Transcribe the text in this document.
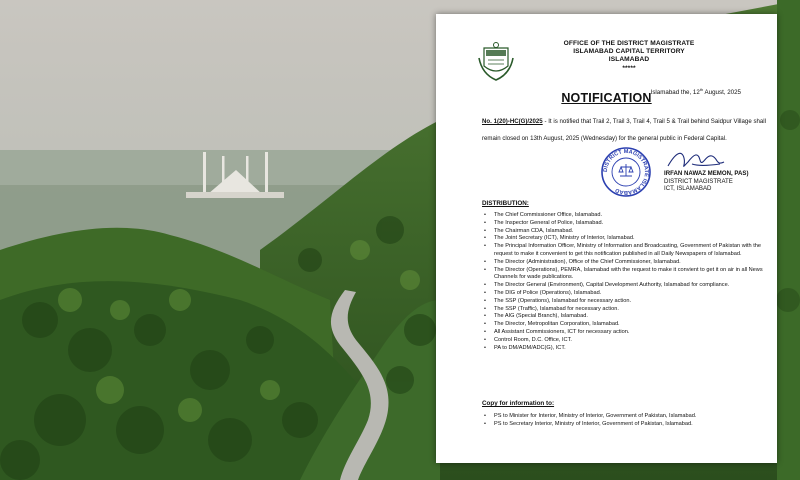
OFFICE OF THE DISTRICT MAGISTRATE
ISLAMABAD CAPITAL TERRITORY
ISLAMABAD
*****
Islamabad the, 12th August, 2025
NOTIFICATION
No. 1(20)-HC(G)/2025 - It is notified that Trail 2, Trail 3, Trail 4, Trail 5 & Trail behind Saidpur Village shall remain closed on 13th August, 2025 (Wednesday) for the general public in Federal Capital.
DISTRICT MAGISTRATE ISLAMABAD
IRFAN NAWAZ MEMON, PAS)
DISTRICT MAGISTRATE
ICT, ISLAMABAD
DISTRIBUTION:
• The Chief Commissioner Office, Islamabad.
• The Inspector General of Police, Islamabad.
• The Chairman CDA, Islamabad.
• The Joint Secretary (ICT), Ministry of Interior, Islamabad.
• The Principal Information Officer, Ministry of Information and Broadcasting, Government of Pakistan with the request to make it convenient to get this notification published in all Daily Newspapers of Islamabad.
• The Director (Administration), Office of the Chief Commissioner, Islamabad.
• The Director (Operations), PEMRA, Islamabad with the request to make it convient to get it on air in all News Channels for wade publications.
• The Director General (Environment), Capital Development Authority, Islamabad for compliance.
• The DIG of Police (Operations), Islamabad.
• The SSP (Operations), Islamabad for necessary action.
• The SSP (Traffic), Islamabad for necessary action.
• The AIG (Special Branch), Islamabad.
• The Director, Metropolitan Corporation, Islamabad.
• All Assistant Commissioners, ICT for necessary action.
• Control Room, D.C. Office, ICT.
• PA to DM/ADM/ADC(G), ICT.
Copy for information to:
• PS to Minister for Interior, Ministry of Interior, Government of Pakistan, Islamabad.
• PS to Secretary Interior, Ministry of Interior, Government of Pakistan, Islamabad.
